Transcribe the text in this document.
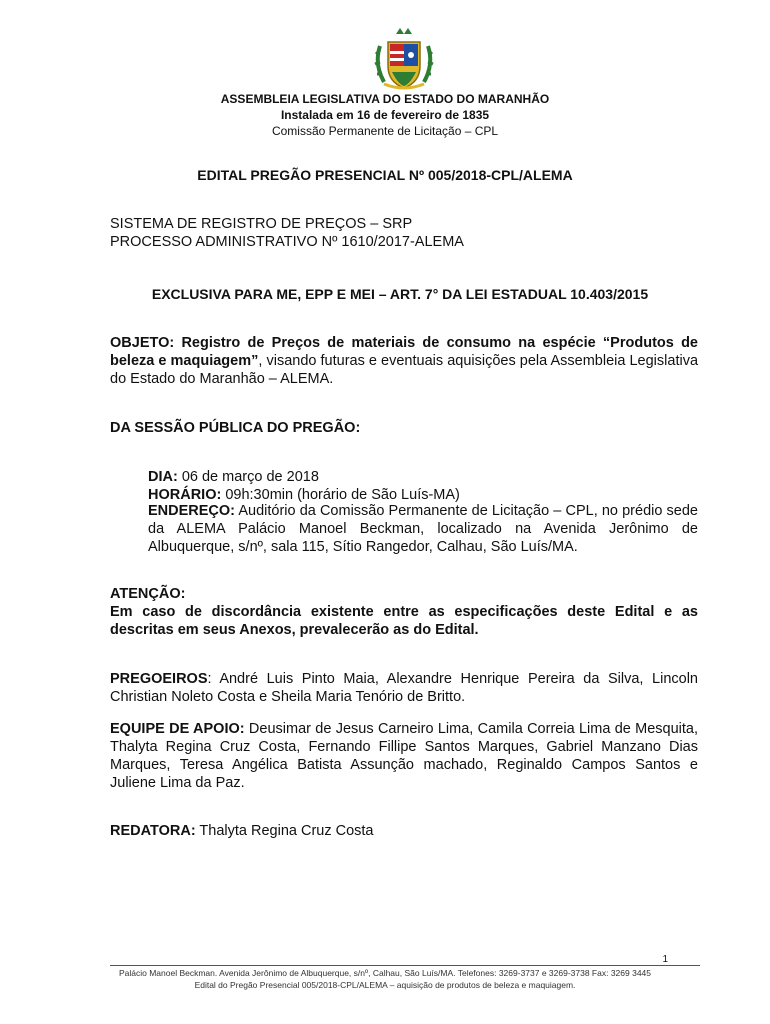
ASSEMBLEIA LEGISLATIVA DO ESTADO DO MARANHÃO
Instalada em 16 de fevereiro de 1835
Comissão Permanente de Licitação – CPL
EDITAL PREGÃO PRESENCIAL Nº 005/2018-CPL/ALEMA
SISTEMA DE REGISTRO DE PREÇOS – SRP
PROCESSO ADMINISTRATIVO Nº 1610/2017-ALEMA
EXCLUSIVA PARA ME, EPP E MEI – ART. 7° DA LEI ESTADUAL 10.403/2015
OBJETO: Registro de Preços de materiais de consumo na espécie “Produtos de beleza e maquiagem”, visando futuras e eventuais aquisições pela Assembleia Legislativa do Estado do Maranhão – ALEMA.
DA SESSÃO PÚBLICA DO PREGÃO:
DIA: 06 de março de 2018
HORÁRIO: 09h:30min (horário de São Luís-MA)
ENDEREÇO: Auditório da Comissão Permanente de Licitação – CPL, no prédio sede da ALEMA Palácio Manoel Beckman, localizado na Avenida Jerônimo de Albuquerque, s/nº, sala 115, Sítio Rangedor, Calhau, São Luís/MA.
ATENÇÃO:
Em caso de discordância existente entre as especificações deste Edital e as descritas em seus Anexos, prevalecerão as do Edital.
PREGOEIROS: André Luis Pinto Maia, Alexandre Henrique Pereira da Silva, Lincoln Christian Noleto Costa e Sheila Maria Tenório de Britto.
EQUIPE DE APOIO: Deusimar de Jesus Carneiro Lima, Camila Correia Lima de Mesquita, Thalyta Regina Cruz Costa, Fernando Fillipe Santos Marques, Gabriel Manzano Dias Marques, Teresa Angélica Batista Assunção machado, Reginaldo Campos Santos e Juliene Lima da Paz.
REDATORA: Thalyta Regina Cruz Costa
1
Palácio Manoel Beckman. Avenida Jerônimo de Albuquerque, s/nº, Calhau, São Luís/MA. Telefones: 3269-3737 e 3269-3738 Fax: 3269 3445
Edital do Pregão Presencial 005/2018-CPL/ALEMA – aquisição de produtos de beleza e maquiagem.
